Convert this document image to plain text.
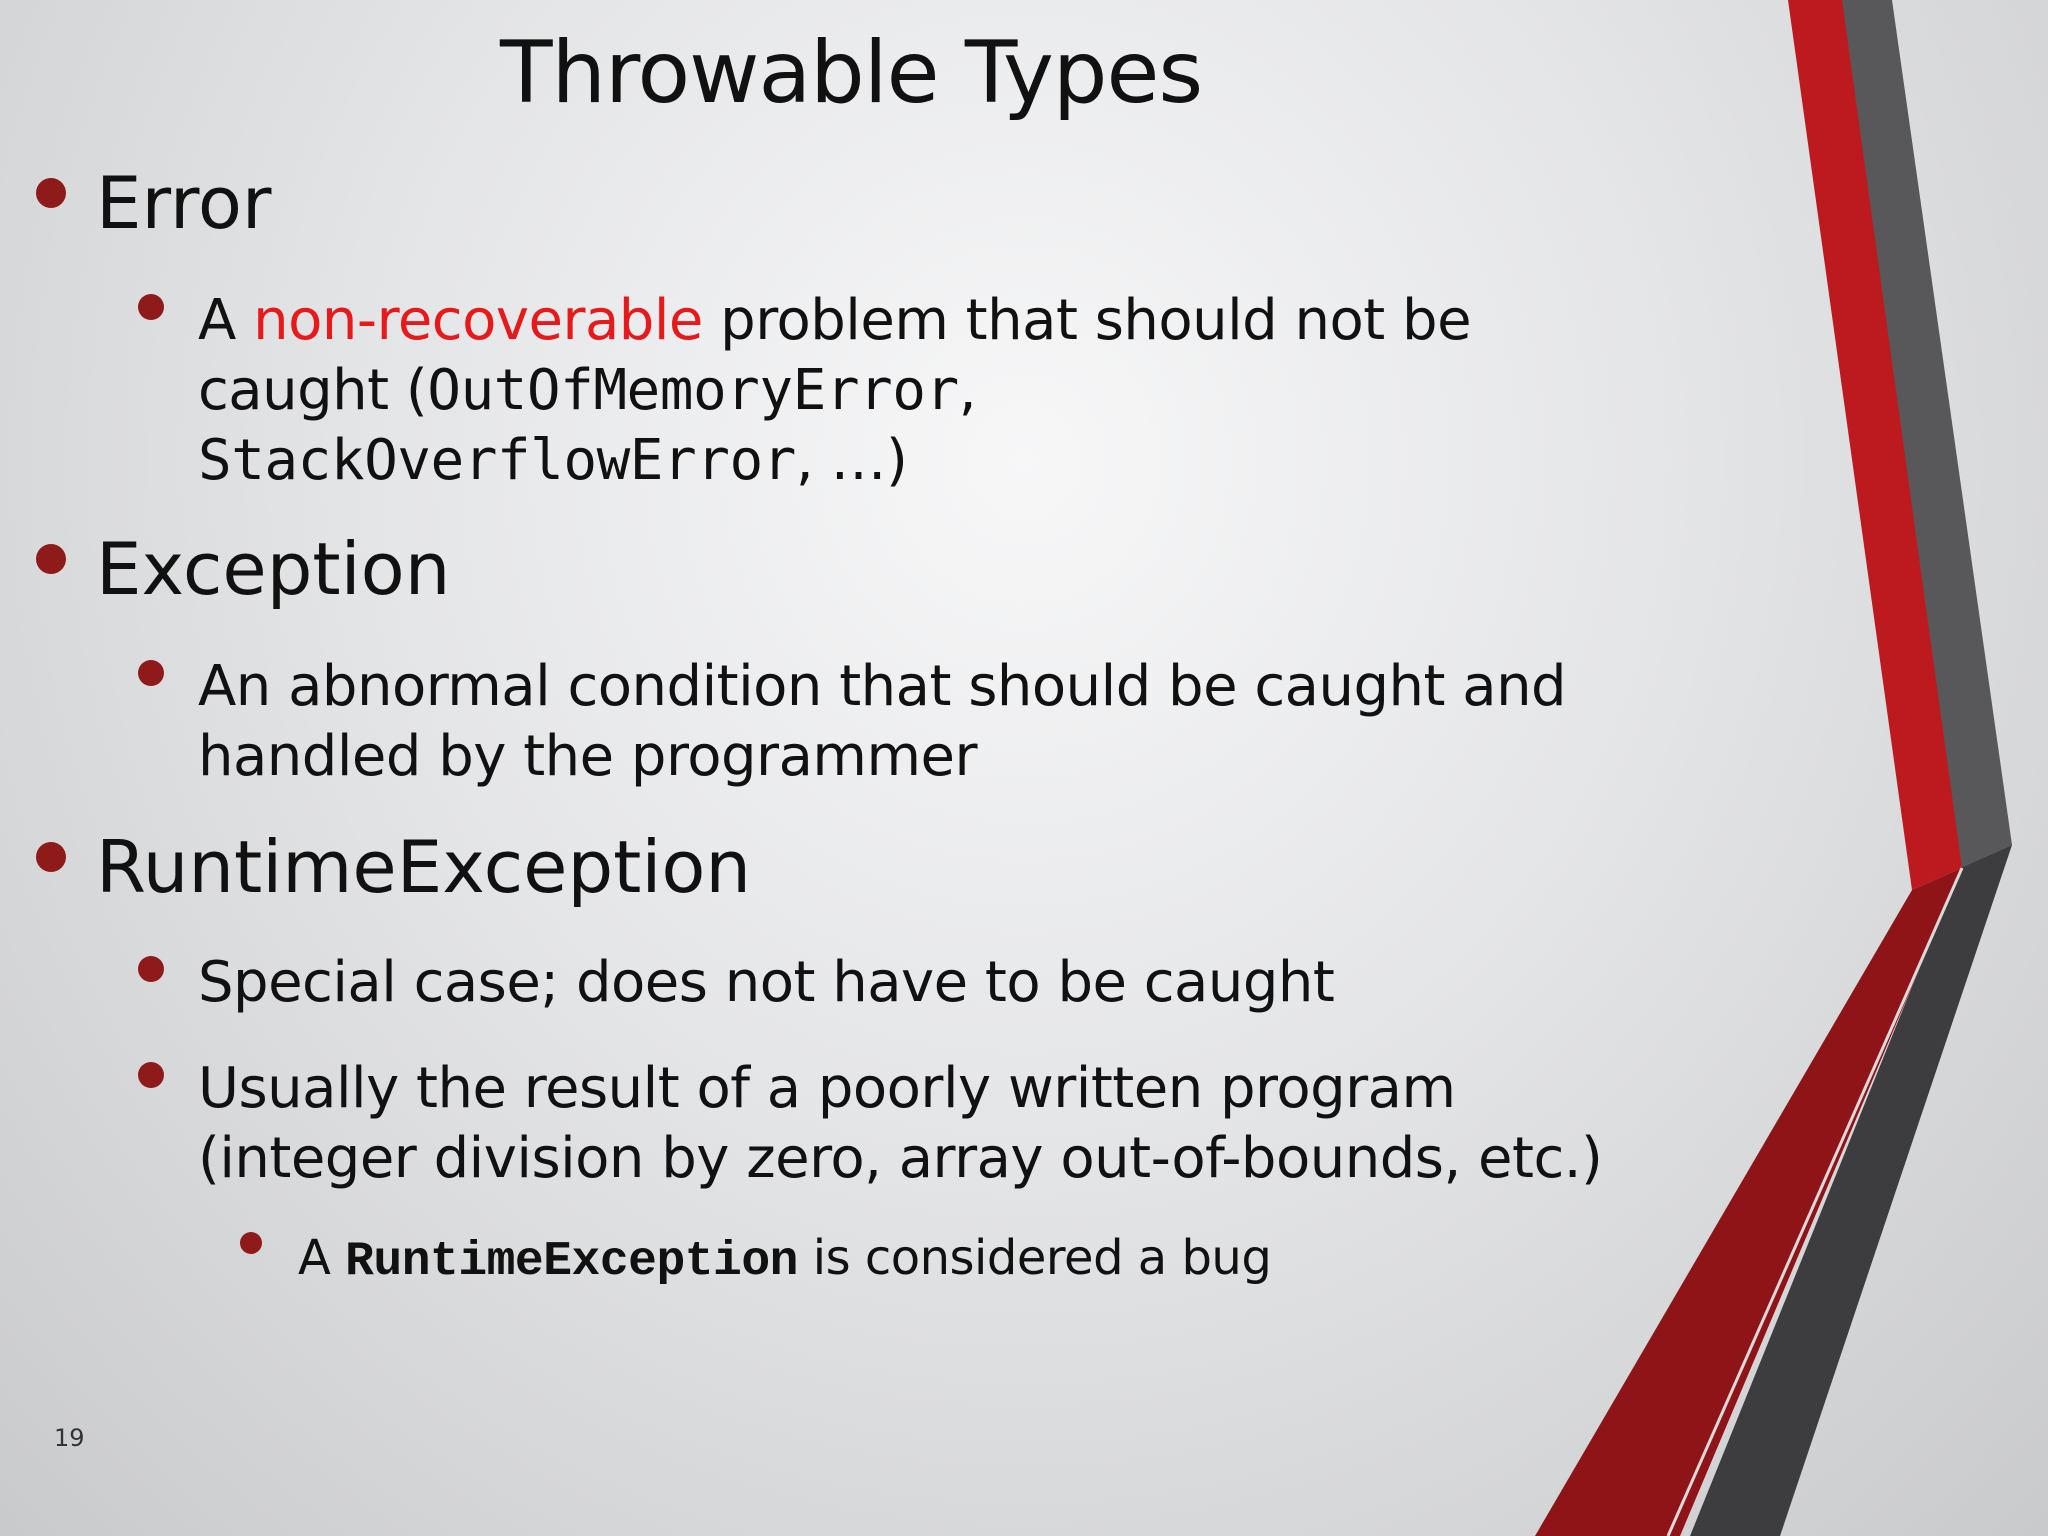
Throwable Types
Error
A non-recoverable problem that should not be
caught (OutOfMemoryError,
StackOverflowError, …)
Exception
An abnormal condition that should be caught and
handled by the programmer
RuntimeException
Special case; does not have to be caught
Usually the result of a poorly written program
(integer division by zero, array out-of-bounds, etc.)
A RuntimeException is considered a bug
19
